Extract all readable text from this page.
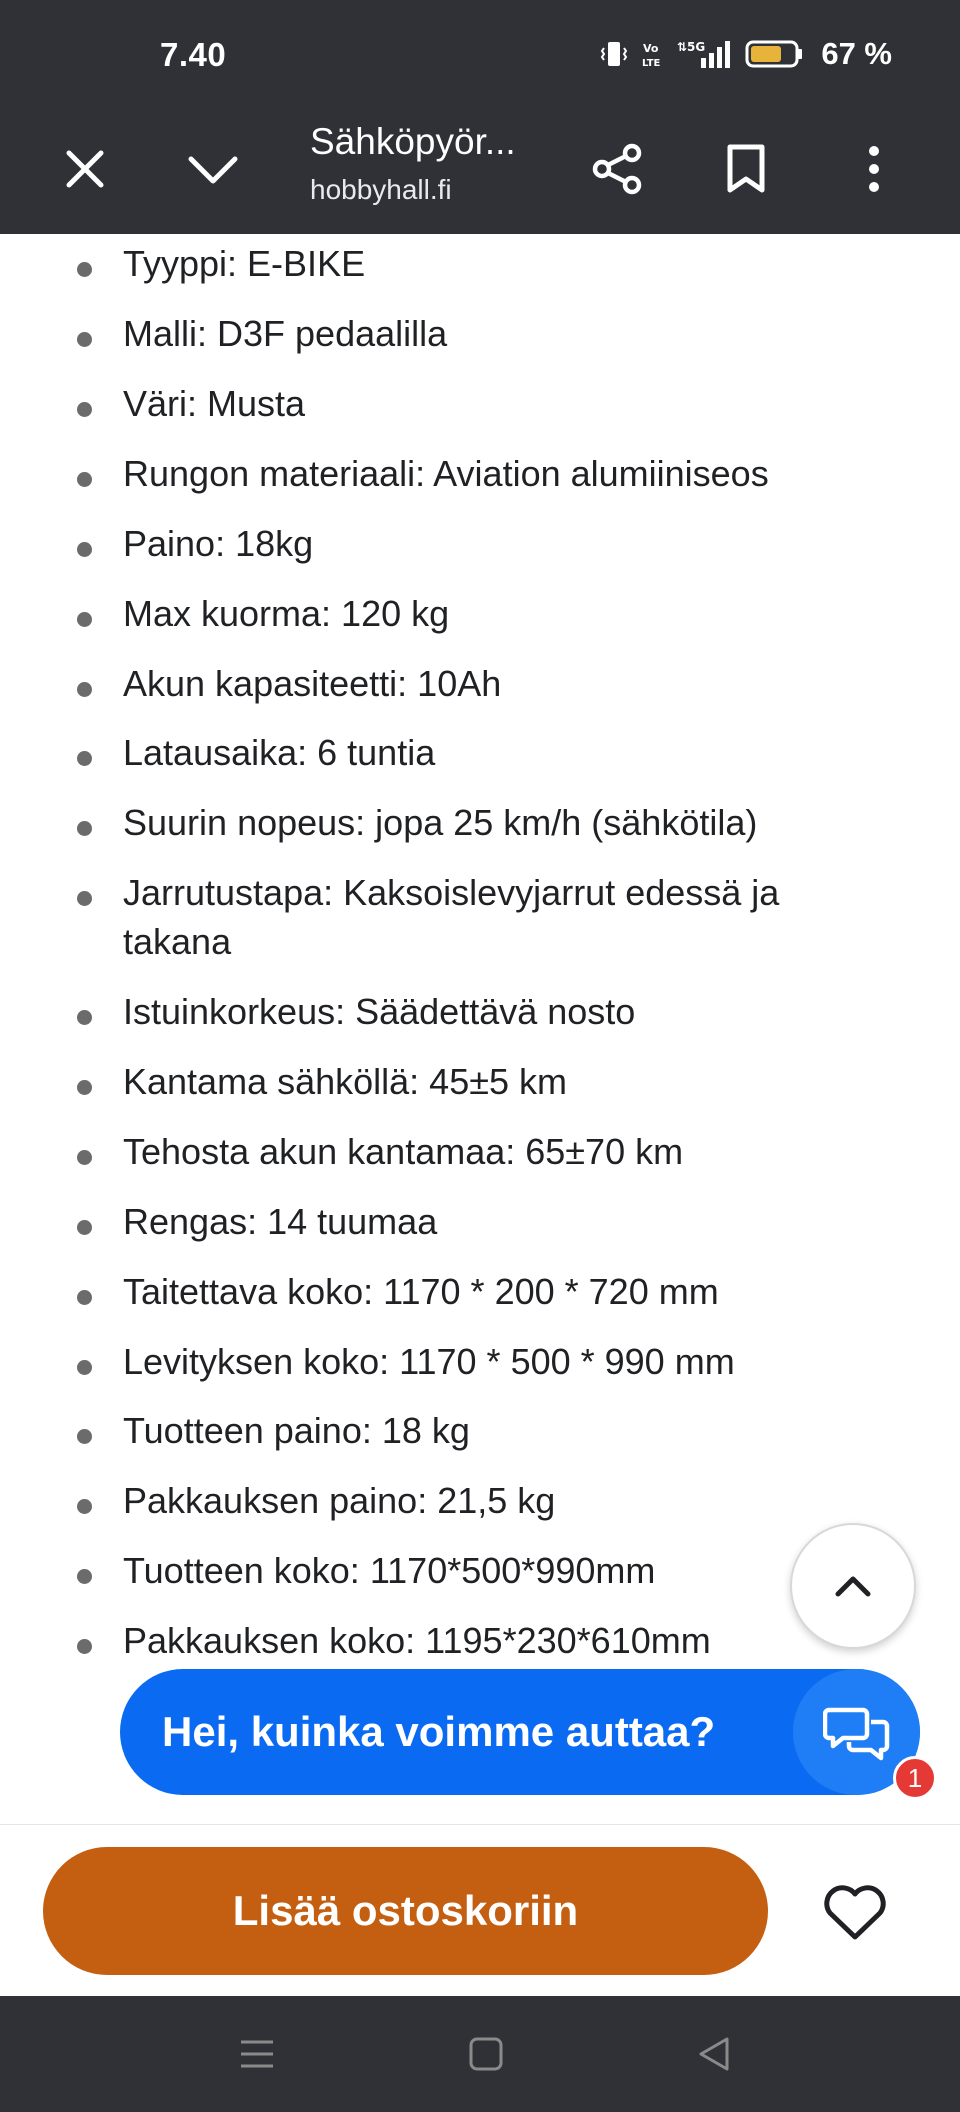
7.40	Vo
LTE
⇅5G	67 %
Sähköpyör...
hobbyhall.fi
Tyyppi: E-BIKE
Malli: D3F pedaalilla
Väri: Musta
Rungon materiaali: Aviation alumiiniseos
Paino: 18kg
Max kuorma: 120 kg
Akun kapasiteetti: 10Ah
Latausaika: 6 tuntia
Suurin nopeus: jopa 25 km/h (sähkötila)
Jarrutustapa: Kaksoislevyjarrut edessä ja takana
Istuinkorkeus: Säädettävä nosto
Kantama sähköllä: 45±5 km
Tehosta akun kantamaa: 65±70 km
Rengas: 14 tuumaa
Taitettava koko: 1170 * 200 * 720 mm
Levityksen koko: 1170 * 500 * 990 mm
Tuotteen paino: 18 kg
Pakkauksen paino: 21,5 kg
Tuotteen koko: 1170*500*990mm
Pakkauksen koko: 1195*230*610mm
Hei, kuinka voimme auttaa?
1
Lisää ostoskoriin
